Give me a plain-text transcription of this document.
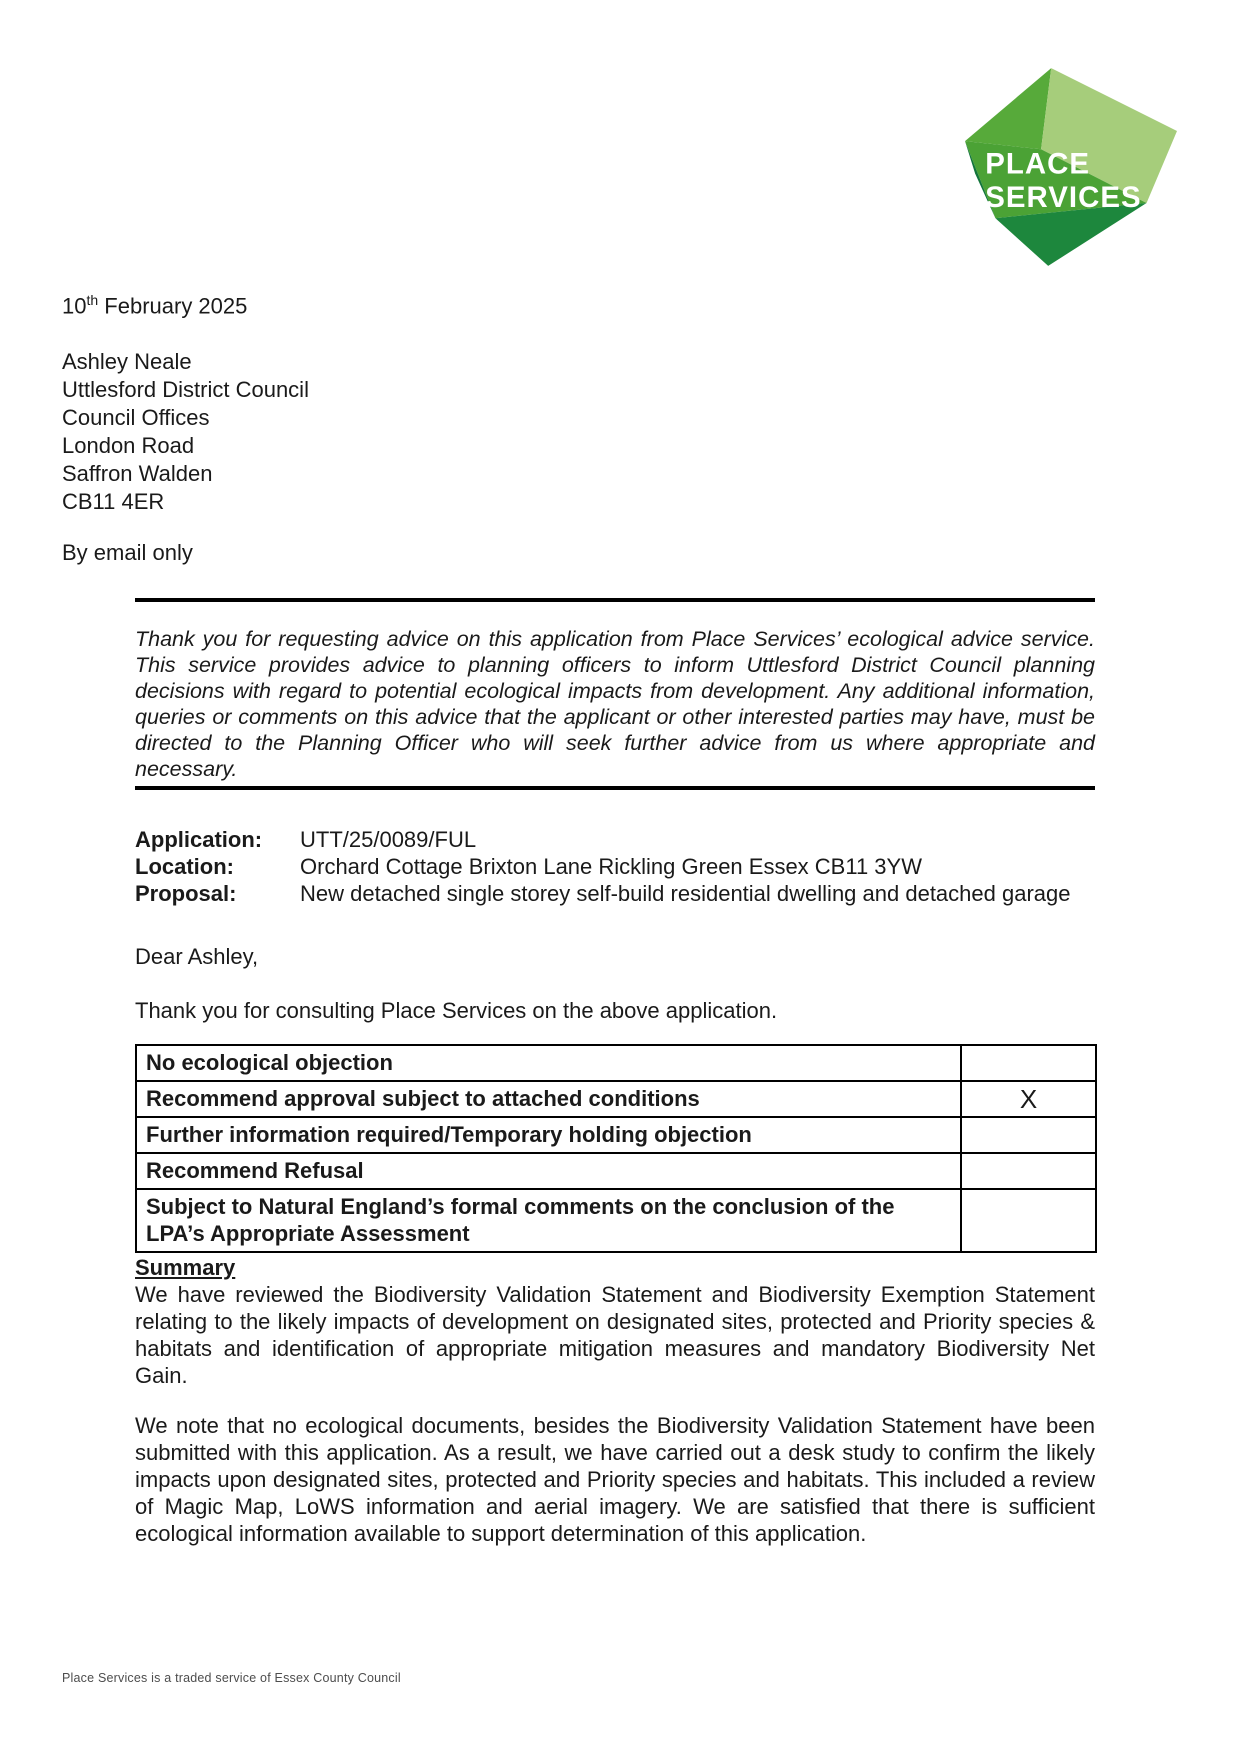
PLACE
SERVICES
10th February 2025
Ashley Neale
Uttlesford District Council
Council Offices
London Road
Saffron Walden
CB11 4ER
By email only

Thank you for requesting advice on this application from Place Services’ ecological advice service. This service provides advice to planning officers to inform Uttlesford District Council planning decisions with regard to potential ecological impacts from development. Any additional information, queries or comments on this advice that the applicant or other interested parties may have, must be directed to the Planning Officer who will seek further advice from us where appropriate and necessary.

Application:	UTT/25/0089/FUL
Location:	Orchard Cottage Brixton Lane Rickling Green Essex CB11 3YW
Proposal:	New detached single storey self-build residential dwelling and detached garage
Dear Ashley,
Thank you for consulting Place Services on the above application.
No ecological objection	
Recommend approval subject to attached conditions	X
Further information required/Temporary holding objection	
Recommend Refusal	
Subject to Natural England’s formal comments on the conclusion of the LPA’s Appropriate Assessment	
Summary

We have reviewed the Biodiversity Validation Statement and Biodiversity Exemption Statement relating to the likely impacts of development on designated sites, protected and Priority species & habitats and identification of appropriate mitigation measures and mandatory Biodiversity Net Gain.

We note that no ecological documents, besides the Biodiversity Validation Statement have been submitted with this application. As a result, we have carried out a desk study to confirm the likely impacts upon designated sites, protected and Priority species and habitats. This included a review of Magic Map, LoWS information and aerial imagery. We are satisfied that there is sufficient ecological information available to support determination of this application.

Place Services is a traded service of Essex County Council
